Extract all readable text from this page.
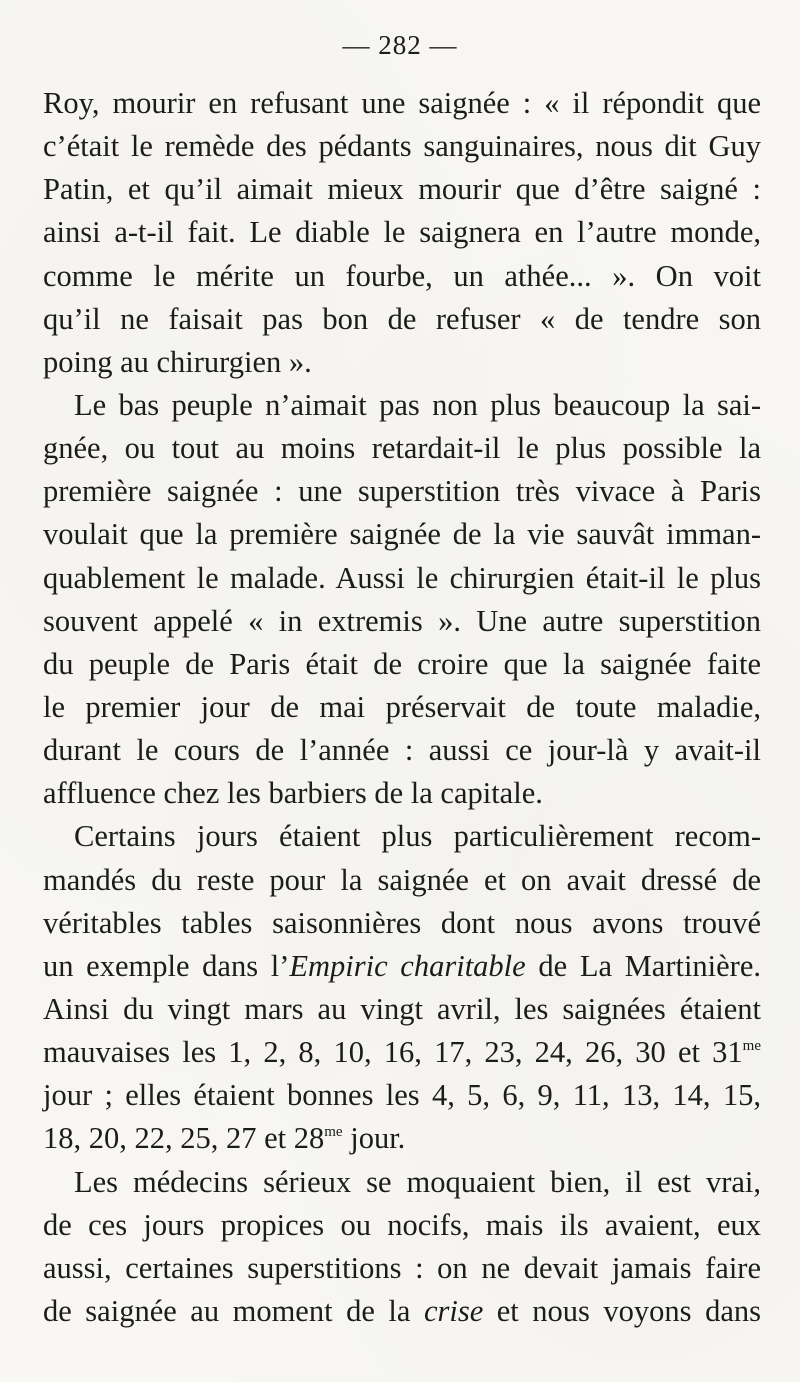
— 282 —
Roy, mourir en refusant une saignée : « il répondit que
c’était le remède des pédants sanguinaires, nous dit Guy
Patin, et qu’il aimait mieux mourir que d’être saigné :
ainsi a-t-il fait. Le diable le saignera en l’autre monde,
comme le mérite un fourbe, un athée... ». On voit
qu’il ne faisait pas bon de refuser « de tendre son
poing au chirurgien ».
Le bas peuple n’aimait pas non plus beaucoup la sai-
gnée, ou tout au moins retardait-il le plus possible la
première saignée : une superstition très vivace à Paris
voulait que la première saignée de la vie sauvât imman-
quablement le malade. Aussi le chirurgien était-il le plus
souvent appelé « in extremis ». Une autre superstition
du peuple de Paris était de croire que la saignée faite
le premier jour de mai préservait de toute maladie,
durant le cours de l’année : aussi ce jour-là y avait-il
affluence chez les barbiers de la capitale.
Certains jours étaient plus particulièrement recom-
mandés du reste pour la saignée et on avait dressé de
véritables tables saisonnières dont nous avons trouvé
un exemple dans l’Empiric charitable de La Martinière.
Ainsi du vingt mars au vingt avril, les saignées étaient
mauvaises les 1, 2, 8, 10, 16, 17, 23, 24, 26, 30 et $31^{me}$
jour ; elles étaient bonnes les 4, 5, 6, 9, 11, 13, 14, 15,
18, 20, 22, 25, 27 et $28^{me}$ jour.
Les médecins sérieux se moquaient bien, il est vrai,
de ces jours propices ou nocifs, mais ils avaient, eux
aussi, certaines superstitions : on ne devait jamais faire
de saignée au moment de la crise et nous voyons dans
